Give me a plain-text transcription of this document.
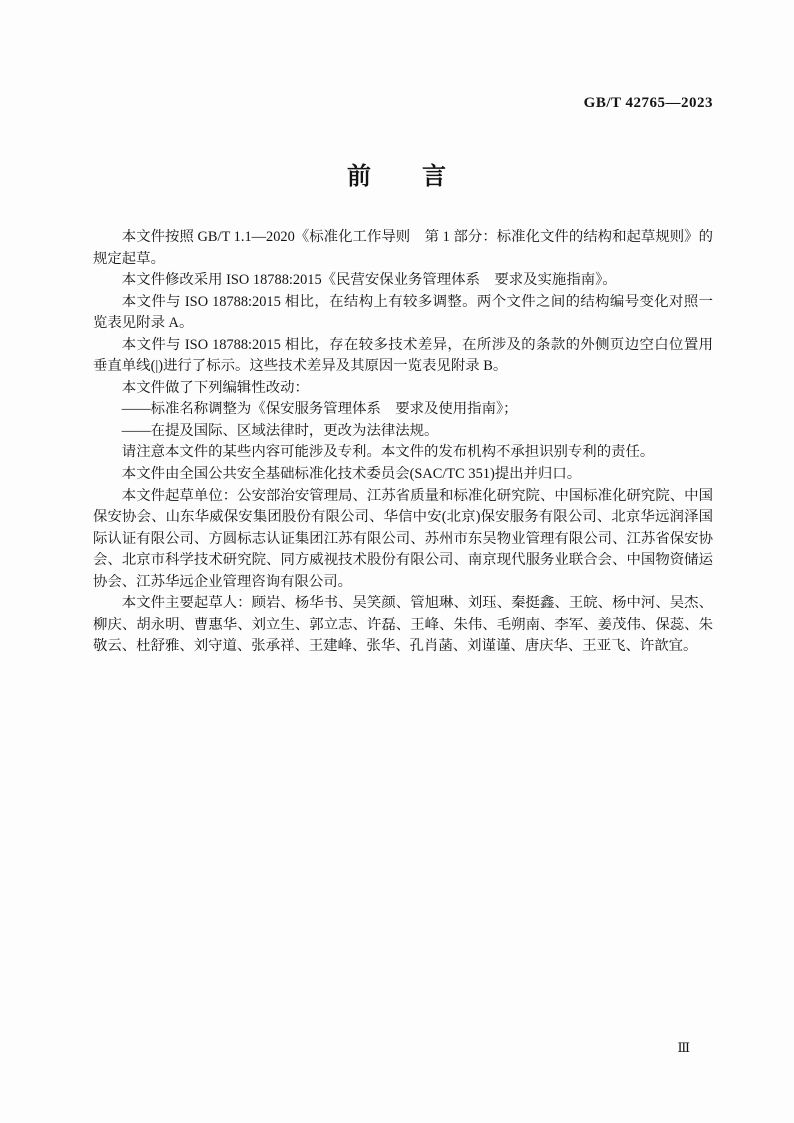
GB/T 42765—2023
前　　言

本文件按照 GB/T 1.1—2020《标准化工作导则　第 1 部分：标准化文件的结构和起草规则》的规定起草。

本文件修改采用 ISO 18788:2015《民营安保业务管理体系　要求及实施指南》。

本文件与 ISO 18788:2015 相比，在结构上有较多调整。两个文件之间的结构编号变化对照一览表见附录 A。

本文件与 ISO 18788:2015 相比，存在较多技术差异，在所涉及的条款的外侧页边空白位置用垂直单线(|)进行了标示。这些技术差异及其原因一览表见附录 B。

本文件做了下列编辑性改动：

——标准名称调整为《保安服务管理体系　要求及使用指南》；

——在提及国际、区域法律时，更改为法律法规。

请注意本文件的某些内容可能涉及专利。本文件的发布机构不承担识别专利的责任。

本文件由全国公共安全基础标准化技术委员会(SAC/TC 351)提出并归口。

本文件起草单位：公安部治安管理局、江苏省质量和标准化研究院、中国标准化研究院、中国保安协会、山东华威保安集团股份有限公司、华信中安(北京)保安服务有限公司、北京华远润泽国际认证有限公司、方圆标志认证集团江苏有限公司、苏州市东吴物业管理有限公司、江苏省保安协会、北京市科学技术研究院、同方威视技术股份有限公司、南京现代服务业联合会、中国物资储运协会、江苏华远企业管理咨询有限公司。

本文件主要起草人：顾岩、杨华书、吴笑颜、管旭琳、刘珏、秦挺鑫、王皖、杨中河、吴杰、柳庆、胡永明、曹惠华、刘立生、郭立志、许磊、王峰、朱伟、毛朔南、李军、姜茂伟、保蕊、朱敬云、杜舒雅、刘守道、张承祥、王建峰、张华、孔肖菡、刘谨谨、唐庆华、王亚飞、许歆宜。

Ⅲ
